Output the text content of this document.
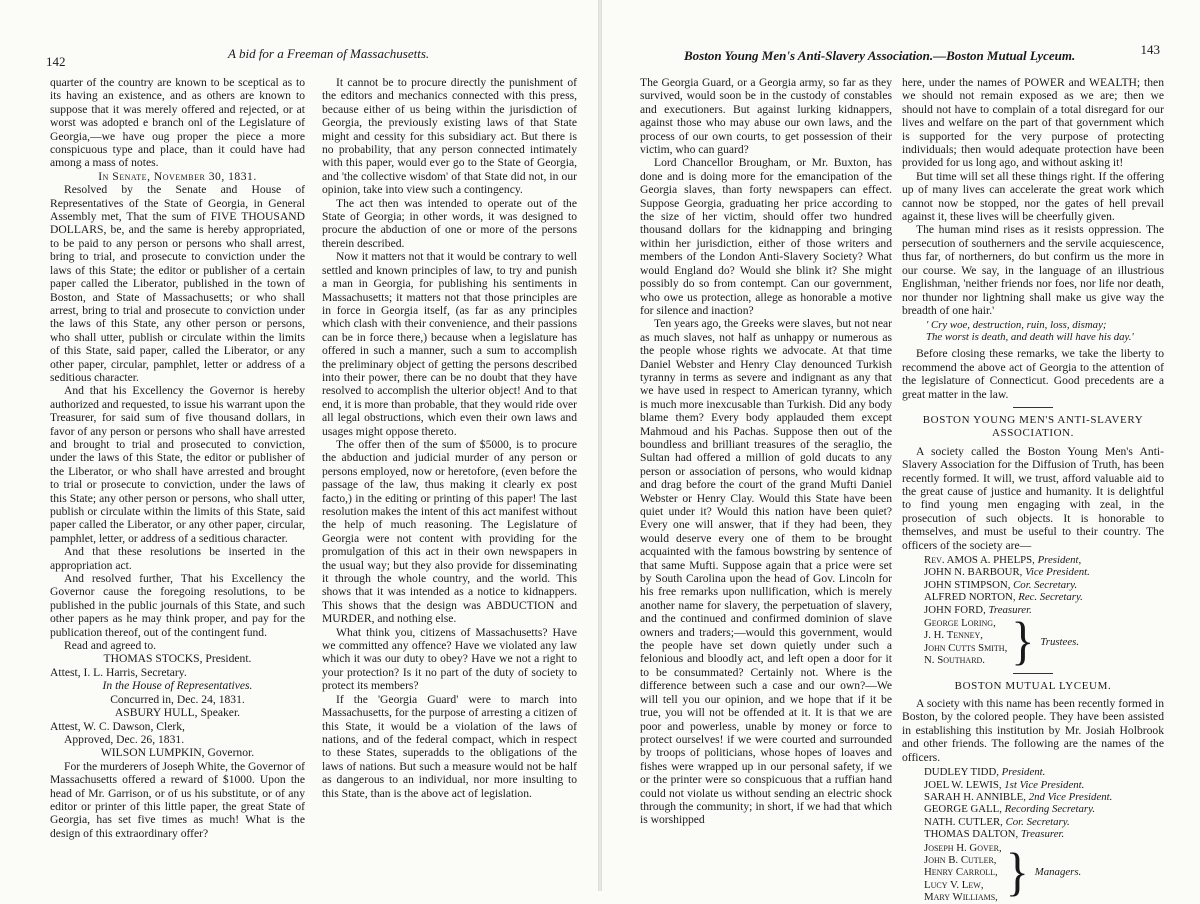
142
A bid for a Freeman of Massachusetts.

quarter of the country are known to be sceptical as to its having an existence, and as others are known to suppose that it was merely offered and rejected, or at worst was adopted e branch onl of the Legislature of Georgia,—we have oug proper the piece a more conspicuous type and place, than it could have had among a mass of notes.

In Senate, November 30, 1831.

Resolved by the Senate and House of Representatives of the State of Georgia, in General Assembly met, That the sum of FIVE THOUSAND DOLLARS, be, and the same is hereby appropriated, to be paid to any person or persons who shall arrest, bring to trial, and prosecute to conviction under the laws of this State; the editor or publisher of a certain paper called the Liberator, published in the town of Boston, and State of Massachusetts; or who shall arrest, bring to trial and prosecute to conviction under the laws of this State, any other person or persons, who shall utter, publish or circulate within the limits of this State, said paper, called the Liberator, or any other paper, circular, pamphlet, letter or address of a seditious character.

And that his Excellency the Governor is hereby authorized and requested, to issue his warrant upon the Treasurer, for said sum of five thousand dollars, in favor of any person or persons who shall have arrested and brought to trial and prosecuted to conviction, under the laws of this State, the editor or publisher of the Liberator, or who shall have arrested and brought to trial or prosecute to conviction, under the laws of this State; any other person or persons, who shall utter, publish or circulate within the limits of this State, said paper called the Liberator, or any other paper, circular, pamphlet, letter, or address of a seditious character.

And that these resolutions be inserted in the appropriation act.

And resolved further, That his Excellency the Governor cause the foregoing resolutions, to be published in the public journals of this State, and such other papers as he may think proper, and pay for the publication thereof, out of the contingent fund.

Read and agreed to.

THOMAS STOCKS, President.

Attest, I. L. Harris, Secretary.

In the House of Representatives.

Concurred in, Dec. 24, 1831.

ASBURY HULL, Speaker.

Attest, W. C. Dawson, Clerk,

Approved, Dec. 26, 1831.

WILSON LUMPKIN, Governor.

For the murderers of Joseph White, the Governor of Massachusetts offered a reward of $1000. Upon the head of Mr. Garrison, or of us his substitute, or of any editor or printer of this little paper, the great State of Georgia, has set five times as much! What is the design of this extraordinary offer?

It cannot be to procure directly the punishment of the editors and mechanics connected with this press, because either of us being within the jurisdiction of Georgia, the previously existing laws of that State might and cessity for this subsidiary act. But there is no probability, that any person connected intimately with this paper, would ever go to the State of Georgia, and 'the collective wisdom' of that State did not, in our opinion, take into view such a contingency.

The act then was intended to operate out of the State of Georgia; in other words, it was designed to procure the abduction of one or more of the persons therein described.

Now it matters not that it would be contrary to well settled and known principles of law, to try and punish a man in Georgia, for publishing his sentiments in Massachusetts; it matters not that those principles are in force in Georgia itself, (as far as any principles which clash with their convenience, and their passions can be in force there,) because when a legislature has offered in such a manner, such a sum to accomplish the preliminary object of getting the persons described into their power, there can be no doubt that they have resolved to accomplish the ulterior object! And to that end, it is more than probable, that they would ride over all legal obstructions, which even their own laws and usages might oppose thereto.

The offer then of the sum of $5000, is to procure the abduction and judicial murder of any person or persons employed, now or heretofore, (even before the passage of the law, thus making it clearly ex post facto,) in the editing or printing of this paper! The last resolution makes the intent of this act manifest without the help of much reasoning. The Legislature of Georgia were not content with providing for the promulgation of this act in their own newspapers in the usual way; but they also provide for disseminating it through the whole country, and the world. This shows that it was intended as a notice to kidnappers. This shows that the design was ABDUCTION and MURDER, and nothing else.

What think you, citizens of Massachusetts? Have we committed any offence? Have we violated any law which it was our duty to obey? Have we not a right to your protection? Is it no part of the duty of society to protect its members?

If the 'Georgia Guard' were to march into Massachusetts, for the purpose of arresting a citizen of this State, it would be a violation of the laws of nations, and of the federal compact, which in respect to these States, superadds to the obligations of the laws of nations. But such a measure would not be half as dangerous to an individual, nor more insulting to this State, than is the above act of legislation.

Boston Young Men's Anti-Slavery Association.—Boston Mutual Lyceum.	143

The Georgia Guard, or a Georgia army, so far as they survived, would soon be in the custody of constables and executioners. But against lurking kidnappers, against those who may abuse our own laws, and the process of our own courts, to get possession of their victim, who can guard?

Lord Chancellor Brougham, or Mr. Buxton, has done and is doing more for the emancipation of the Georgia slaves, than forty newspapers can effect. Suppose Georgia, graduating her price according to the size of her victim, should offer two hundred thousand dollars for the kidnapping and bringing within her jurisdiction, either of those writers and members of the London Anti-Slavery Society? What would England do? Would she blink it? She might possibly do so from contempt. Can our government, who owe us protection, allege as honorable a motive for silence and inaction?

Ten years ago, the Greeks were slaves, but not near as much slaves, not half as unhappy or numerous as the people whose rights we advocate. At that time Daniel Webster and Henry Clay denounced Turkish tyranny in terms as severe and indignant as any that we have used in respect to American tyranny, which is much more inexcusable than Turkish. Did any body blame them? Every body applauded them except Mahmoud and his Pachas. Suppose then out of the boundless and brilliant treasures of the seraglio, the Sultan had offered a million of gold ducats to any person or association of persons, who would kidnap and drag before the court of the grand Mufti Daniel Webster or Henry Clay. Would this State have been quiet under it? Would this nation have been quiet? Every one will answer, that if they had been, they would deserve every one of them to be brought acquainted with the famous bowstring by sentence of that same Mufti. Suppose again that a price were set by South Carolina upon the head of Gov. Lincoln for his free remarks upon nullification, which is merely another name for slavery, the perpetuation of slavery, and the continued and confirmed dominion of slave owners and traders;—would this government, would the people have set down quietly under such a felonious and bloodly act, and left open a door for it to be consummated? Certainly not. Where is the difference between such a case and our own?—We will tell you our opinion, and we hope that if it be true, you will not be offended at it. It is that we are poor and powerless, unable by money or force to protect ourselves! if we were courted and surrounded by troops of politicians, whose hopes of loaves and fishes were wrapped up in our personal safety, if we or the printer were so conspicuous that a ruffian hand could not violate us without sending an electric shock through the community; in short, if we had that which is worshipped

here, under the names of POWER and WEALTH; then we should not remain exposed as we are; then we should not have to complain of a total disregard for our lives and welfare on the part of that government which is supported for the very purpose of protecting individuals; then would adequate protection have been provided for us long ago, and without asking it!

But time will set all these things right. If the offering up of many lives can accelerate the great work which cannot now be stopped, nor the gates of hell prevail against it, these lives will be cheerfully given.

The human mind rises as it resists oppression. The persecution of southerners and the servile acquiescence, thus far, of northerners, do but confirm us the more in our course. We say, in the language of an illustrious Englishman, 'neither friends nor foes, nor life nor death, nor thunder nor lightning shall make us give way the breadth of one hair.'

' Cry woe, destruction, ruin, loss, dismay;
The worst is death, and death will have his day.'

Before closing these remarks, we take the liberty to recommend the above act of Georgia to the attention of the legislature of Connecticut. Good precedents are a great matter in the law.

BOSTON YOUNG MEN'S ANTI-SLAVERY ASSOCIATION.

A society called the Boston Young Men's Anti-Slavery Association for the Diffusion of Truth, has been recently formed. It will, we trust, afford valuable aid to the great cause of justice and humanity. It is delightful to find young men engaging with zeal, in the prosecution of such objects. It is honorable to themselves, and must be useful to their country. The officers of the society are—

Rev. AMOS A. PHELPS, President,
JOHN N. BARBOUR, Vice President.
JOHN STIMPSON, Cor. Secretary.
ALFRED NORTON, Rec. Secretary.
JOHN FORD, Treasurer.
George Loring,
J. H. Tenney,
John Cutts Smith,
N. Southard. } Trustees.
BOSTON MUTUAL LYCEUM.

A society with this name has been recently formed in Boston, by the colored people. They have been assisted in establishing this institution by Mr. Josiah Holbrook and other friends. The following are the names of the officers.

DUDLEY TIDD, President.
JOEL W. LEWIS, 1st Vice President.
SARAH H. ANNIBLE, 2nd Vice President.
GEORGE GALL, Recording Secretary.
NATH. CUTLER, Cor. Secretary.
THOMAS DALTON, Treasurer.
Joseph H. Gover,
John B. Cutler,
Henry Carroll,
Lucy V. Lew,
Mary Williams, } Managers.
